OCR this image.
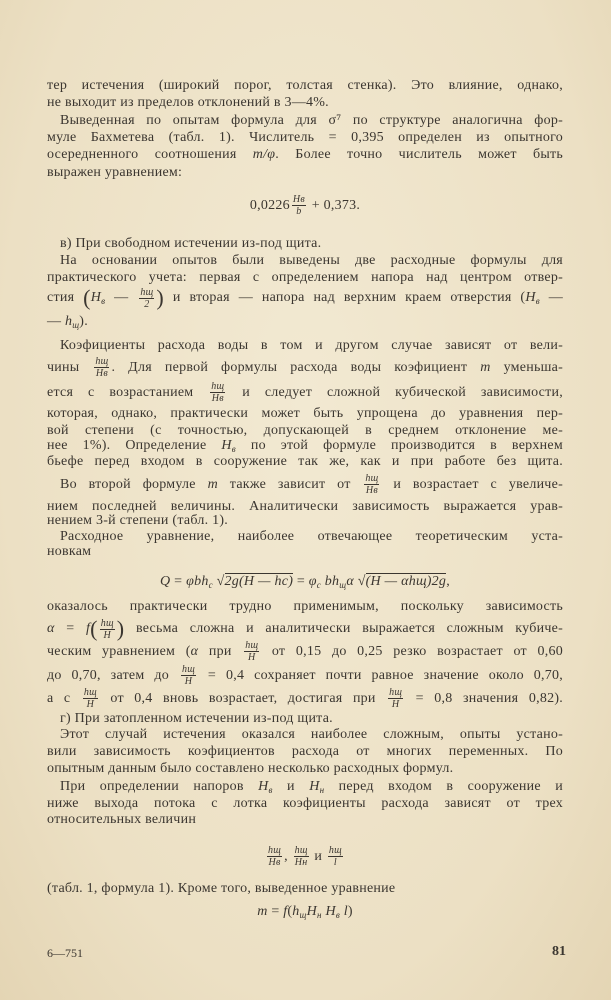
тер истечения (широкий порог, толстая стенка). Это влияние, однако,
не выходит из пределов отклонений в 3—4%.
Выведенная по опытам формула для σ⁷ по структуре аналогична фор-
муле Бахметева (табл. 1). Числитель = 0,395 определен из опытного
осередненного соотношения m/φ. Более точно числитель может быть
выражен уравнением:
0,0226 Hв
b + 0,373.
в) При свободном истечении из-под щита.
На основании опытов были выведены две расходные формулы для
практического учета: первая с определением напора над центром отвер-
стия ($H_в$ — hщ
2 ) и вторая — напора над верхним краем отверстия ($H_в$ —
— $h_щ$).
Коэфициенты расхода воды в том и другом случае зависят от вели-
чины hщ
Hв . Для первой формулы расхода воды коэфициент m уменьша-
ется с возрастанием hщ
Hв и следует сложной кубической зависимости,
которая, однако, практически может быть упрощена до уравнения пер-
вой степени (с точностью, допускающей в среднем отклонение ме-
нее 1%). Определение $H_в$ по этой формуле производится в верхнем
бьефе перед входом в сооружение так же, как и при работе без щита.
Во второй формуле m также зависит от hщ
Hв и возрастает с увеличе-
нием последней величины. Аналитически зависимость выражается урав-
нением 3-й степени (табл. 1).
Расходное уравнение, наиболее отвечающее теоретическим уста-
новкам
Q = φbh$_c$ √2g(H — $hc) = \varphi_c$ $bh_щ\alpha$ √(H — αhщ)2g,
оказалось практически трудно применимым, поскольку зависимость
α = f( hщ
H ) весьма сложна и аналитически выражается сложным кубиче-
ческим уравнением (α при hщ
H от 0,15 до 0,25 резко возрастает от 0,60
до 0,70, затем до hщ
H = 0,4 сохраняет почти равное значение около 0,70,
а с hщ
H от 0,4 вновь возрастает, достигая при hщ
H = 0,8 значения 0,82).
г) При затопленном истечении из-под щита.
Этот случай истечения оказался наиболее сложным, опыты устано-
вили зависимость коэфициентов расхода от многих переменных. По
опытным данным было составлено несколько расходных формул.
При определении напоров $H_в$ и $H_н$ перед входом в сооружение и
ниже выхода потока с лотка коэфициенты расхода зависят от трех
относительных величин
hщ
Hв , hщ
Hн и hщ
l
(табл. 1, формула 1). Кроме того, выведенное уравнение
$m = f(h_щH_н$ $H_в$ l)
6—751	81
